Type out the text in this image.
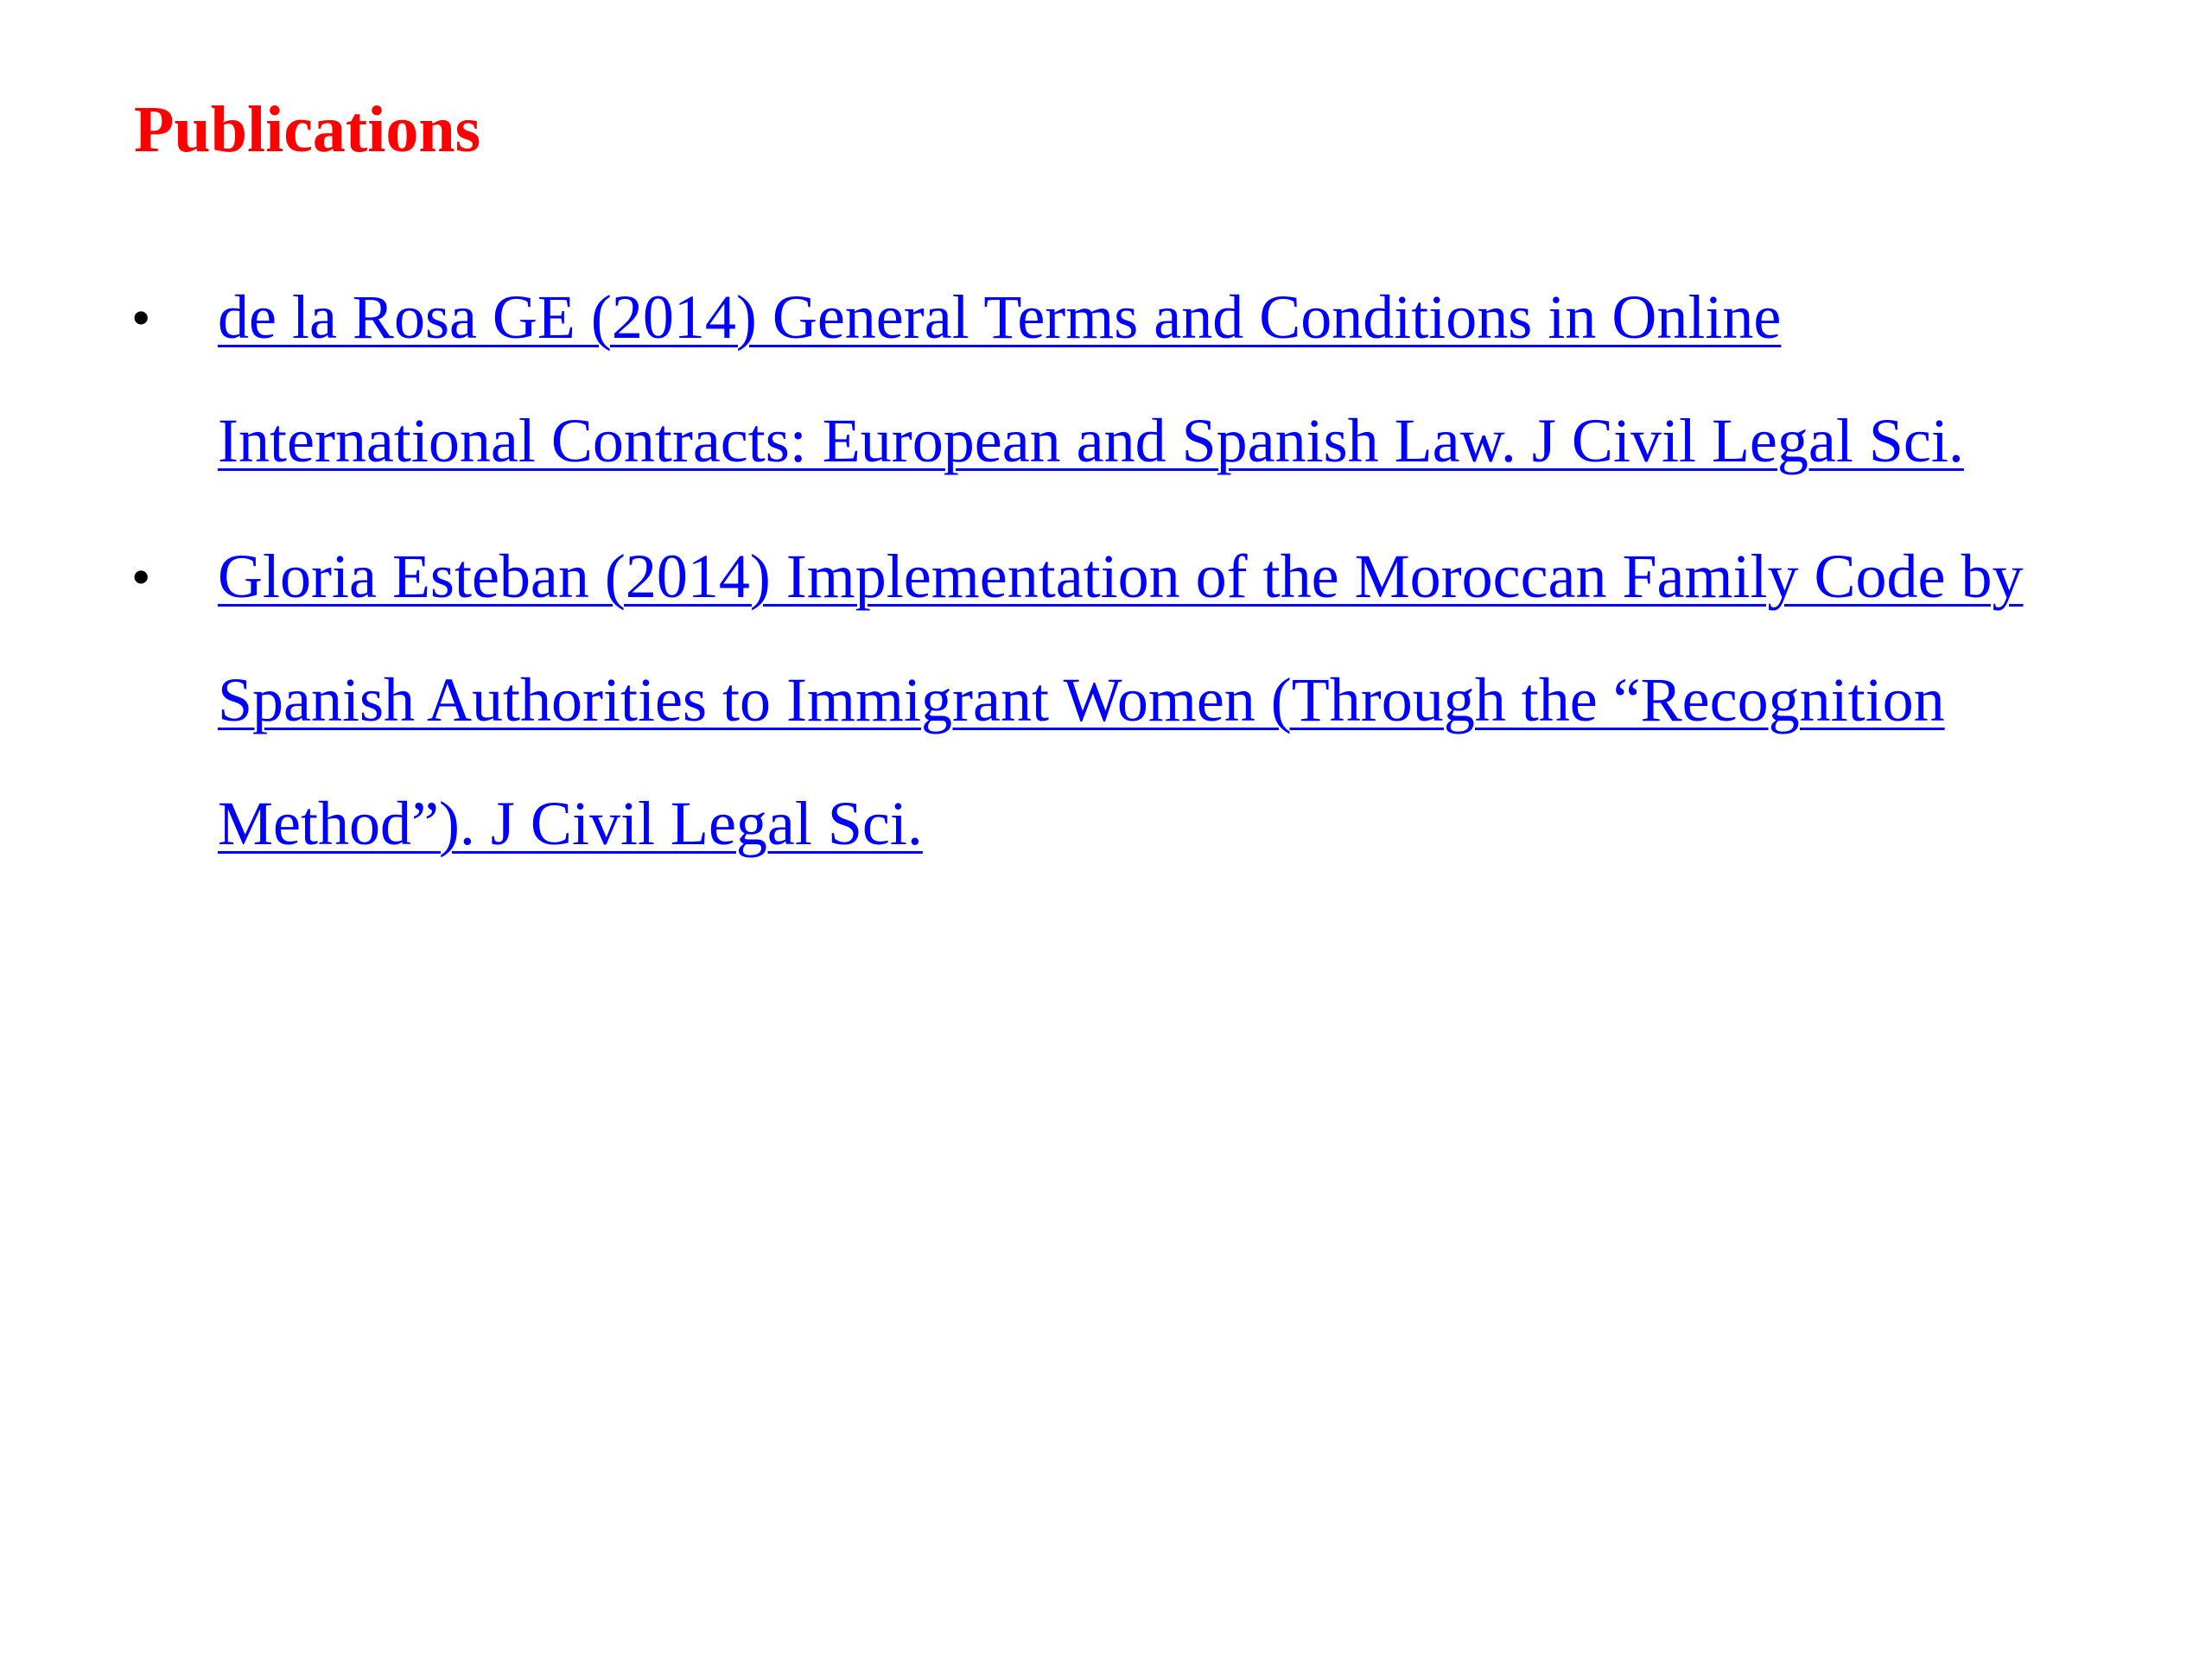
Publications
• de la Rosa GE (2014) General Terms and Conditions in Online International Contracts: European and Spanish Law. J Civil Legal Sci.
• Gloria Esteban (2014) Implementation of the Moroccan Family Code by Spanish Authorities to Immigrant Women (Through the “Recognition Method”). J Civil Legal Sci.
